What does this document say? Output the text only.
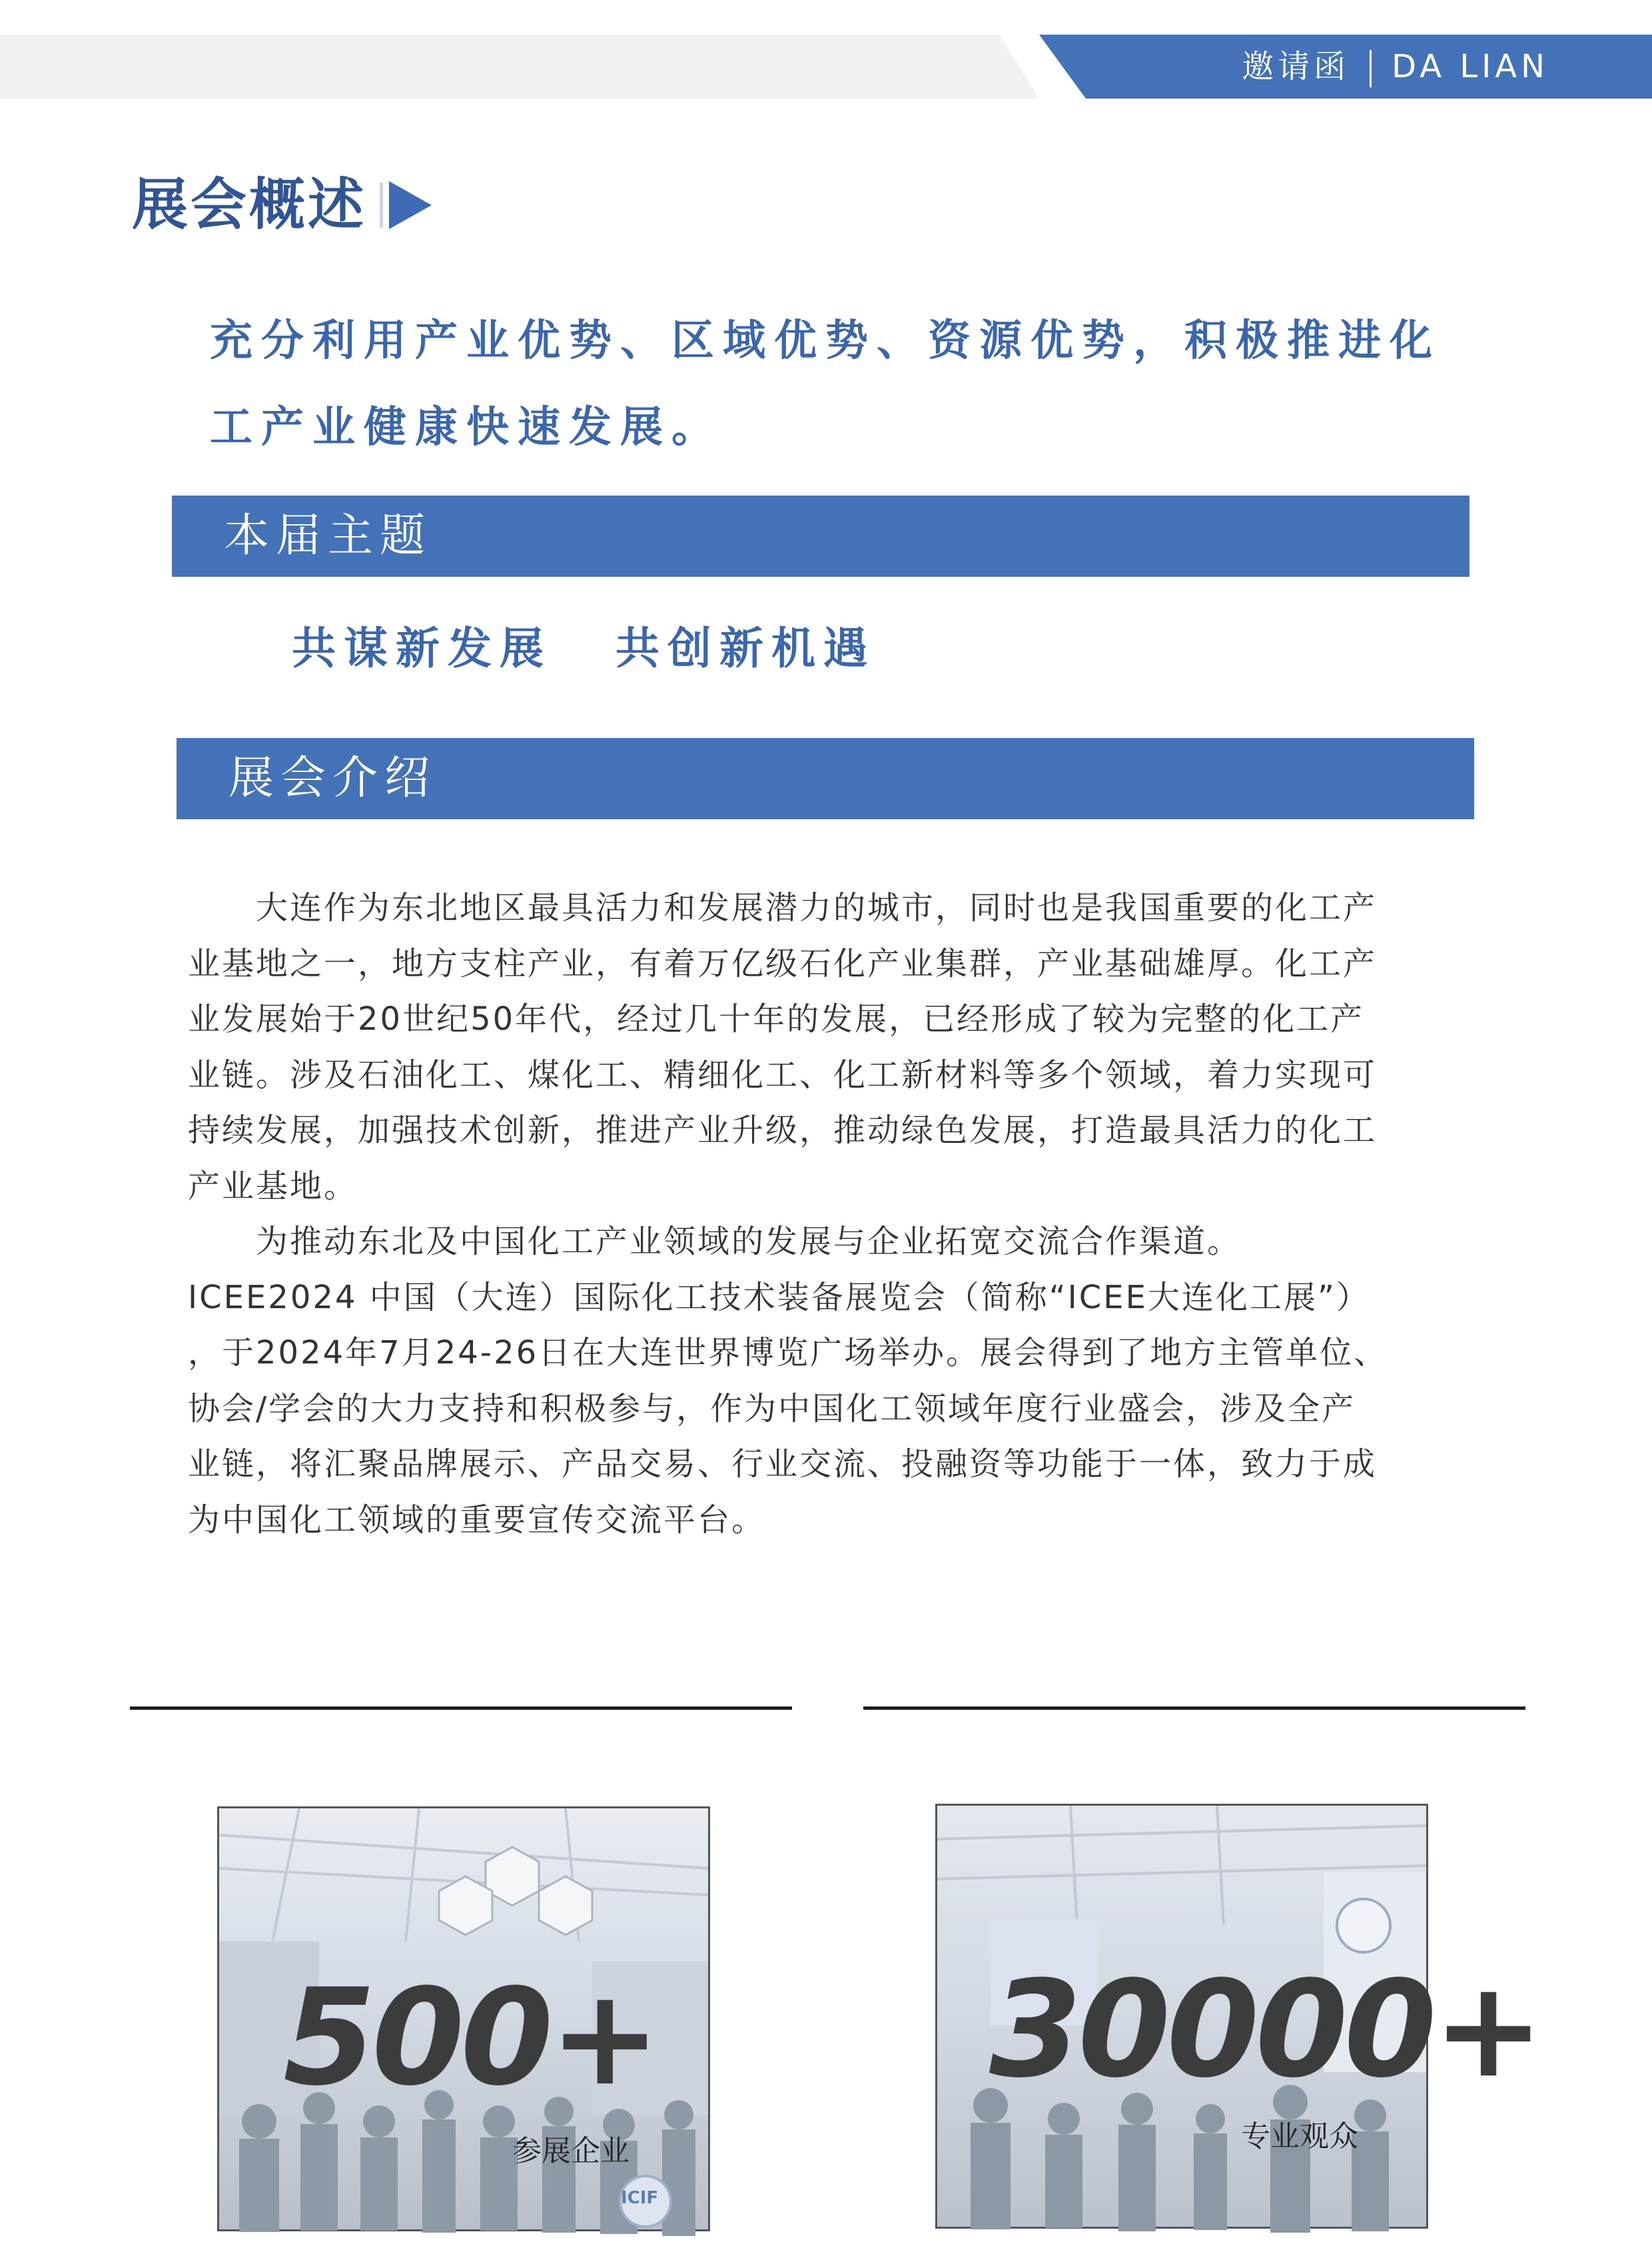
邀请函 DA LIAN
展会概述
充分利用产业优势、区域优势、资源优势，积极推进化
工产业健康快速发展。
本届主题
共谋新发展 共创新机遇
展会介绍

　　大连作为东北地区最具活力和发展潜力的城市，同时也是我国重要的化工产
业基地之一，地方支柱产业，有着万亿级石化产业集群，产业基础雄厚。化工产
业发展始于20世纪50年代，经过几十年的发展，已经形成了较为完整的化工产
业链。涉及石油化工、煤化工、精细化工、化工新材料等多个领域，着力实现可
持续发展，加强技术创新，推进产业升级，推动绿色发展，打造最具活力的化工
产业基地。

　　为推动东北及中国化工产业领域的发展与企业拓宽交流合作渠道。
ICEE2024 中国（大连）国际化工技术装备展览会（简称“ICEE大连化工展”）
，于2024年7月24-26日在大连世界博览广场举办。展会得到了地方主管单位、
协会/学会的大力支持和积极参与，作为中国化工领域年度行业盛会，涉及全产
业链，将汇聚品牌展示、产品交易、行业交流、投融资等功能于一体，致力于成
为中国化工领域的重要宣传交流平台。

500+
参展企业
ICIF
30000+
专业观众
